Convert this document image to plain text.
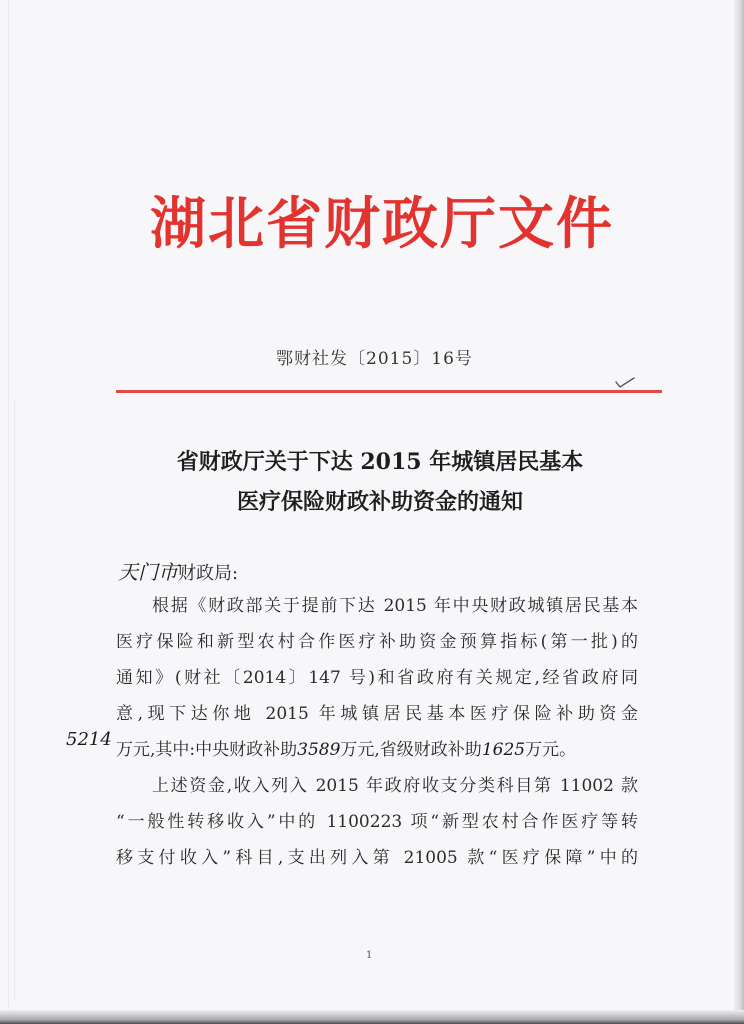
湖北省财政厅文件
鄂财社发〔2015〕16号
省财政厅关于下达 2015 年城镇居民基本
医疗保险财政补助资金的通知
天门市财政局:
5214
根据《财政部关于提前下达 2015 年中央财政城镇居民基本
医疗保险和新型农村合作医疗补助资金预算指标(第一批)的
通知》(财社〔2014〕147 号)和省政府有关规定,经省政府同
意,现下达你地 2015 年城镇居民基本医疗保险补助资金
万元,其中:中央财政补助3589万元,省级财政补助1625万元。
上述资金,收入列入 2015 年政府收支分类科目第 11002 款
“一般性转移收入”中的 1100223 项“新型农村合作医疗等转
移支付收入”科目,支出列入第 21005 款“医疗保障”中的
1
